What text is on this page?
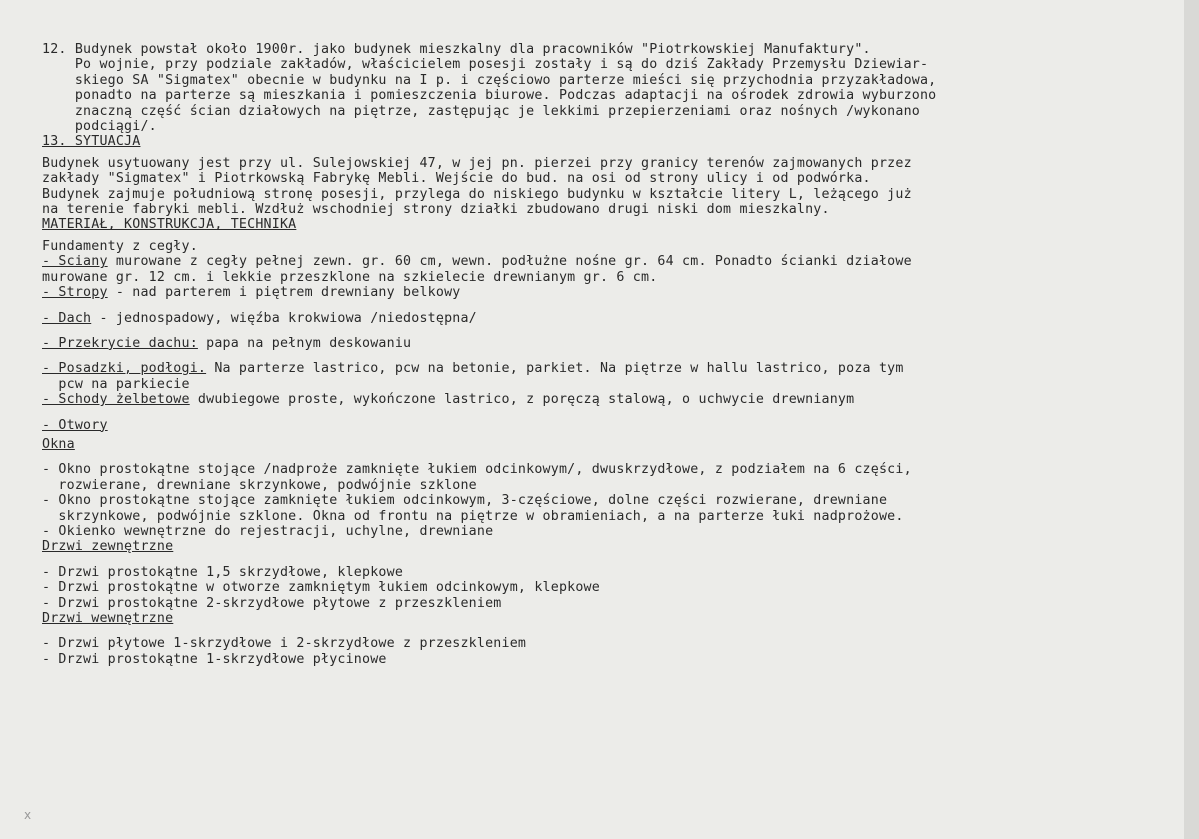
12. Budynek powstał około 1900r. jako budynek mieszkalny dla pracowników "Piotrkowskiej Manufaktury".
Po wojnie, przy podziale zakładów, właścicielem posesji zostały i są do dziś Zakłady Przemysłu Dziewiar-
skiego SA "Sigmatex" obecnie w budynku na I p. i częściowo parterze mieści się przychodnia przyzakładowa,
ponadto na parterze są mieszkania i pomieszczenia biurowe. Podczas adaptacji na ośrodek zdrowia wyburzono
znaczną część ścian działowych na piętrze, zastępując je lekkimi przepierzeniami oraz nośnych /wykonano
podciągi/.
13. SYTUACJA
Budynek usytuowany jest przy ul. Sulejowskiej 47, w jej pn. pierzei przy granicy terenów zajmowanych przez
zakłady "Sigmatex" i Piotrkowską Fabrykę Mebli. Wejście do bud. na osi od strony ulicy i od podwórka.
Budynek zajmuje południową stronę posesji, przylega do niskiego budynku w kształcie litery L, leżącego już
na terenie fabryki mebli. Wzdłuż wschodniej strony działki zbudowano drugi niski dom mieszkalny.
MATERIAŁ, KONSTRUKCJA, TECHNIKA
Fundamenty z cegły.
- Ściany murowane z cegły pełnej zewn. gr. 60 cm, wewn. podłużne nośne gr. 64 cm. Ponadto ścianki działowe
murowane gr. 12 cm. i lekkie przeszklone na szkielecie drewnianym gr. 6 cm.
- Stropy - nad parterem i piętrem drewniany belkowy
- Dach - jednospadowy, więźba krokwiowa /niedostępna/
- Przekrycie dachu: papa na pełnym deskowaniu
- Posadzki, podłogi. Na parterze lastrico, pcw na betonie, parkiet. Na piętrze w hallu lastrico, poza tym
pcw na parkiecie
- Schody żelbetowe dwubiegowe proste, wykończone lastrico, z poręczą stalową, o uchwycie drewnianym
- Otwory
Okna
- Okno prostokątne stojące /nadproże zamknięte łukiem odcinkowym/, dwuskrzydłowe, z podziałem na 6 części,
rozwierane, drewniane skrzynkowe, podwójnie szklone
- Okno prostokątne stojące zamknięte łukiem odcinkowym, 3-częściowe, dolne części rozwierane, drewniane
skrzynkowe, podwójnie szklone. Okna od frontu na piętrze w obramieniach, a na parterze łuki nadprożowe.
- Okienko wewnętrzne do rejestracji, uchylne, drewniane
Drzwi zewnętrzne
- Drzwi prostokątne 1,5 skrzydłowe, klepkowe
- Drzwi prostokątne w otworze zamkniętym łukiem odcinkowym, klepkowe
- Drzwi prostokątne 2-skrzydłowe płytowe z przeszkleniem
Drzwi wewnętrzne
- Drzwi płytowe 1-skrzydłowe i 2-skrzydłowe z przeszkleniem
- Drzwi prostokątne 1-skrzydłowe płycinowe
x
